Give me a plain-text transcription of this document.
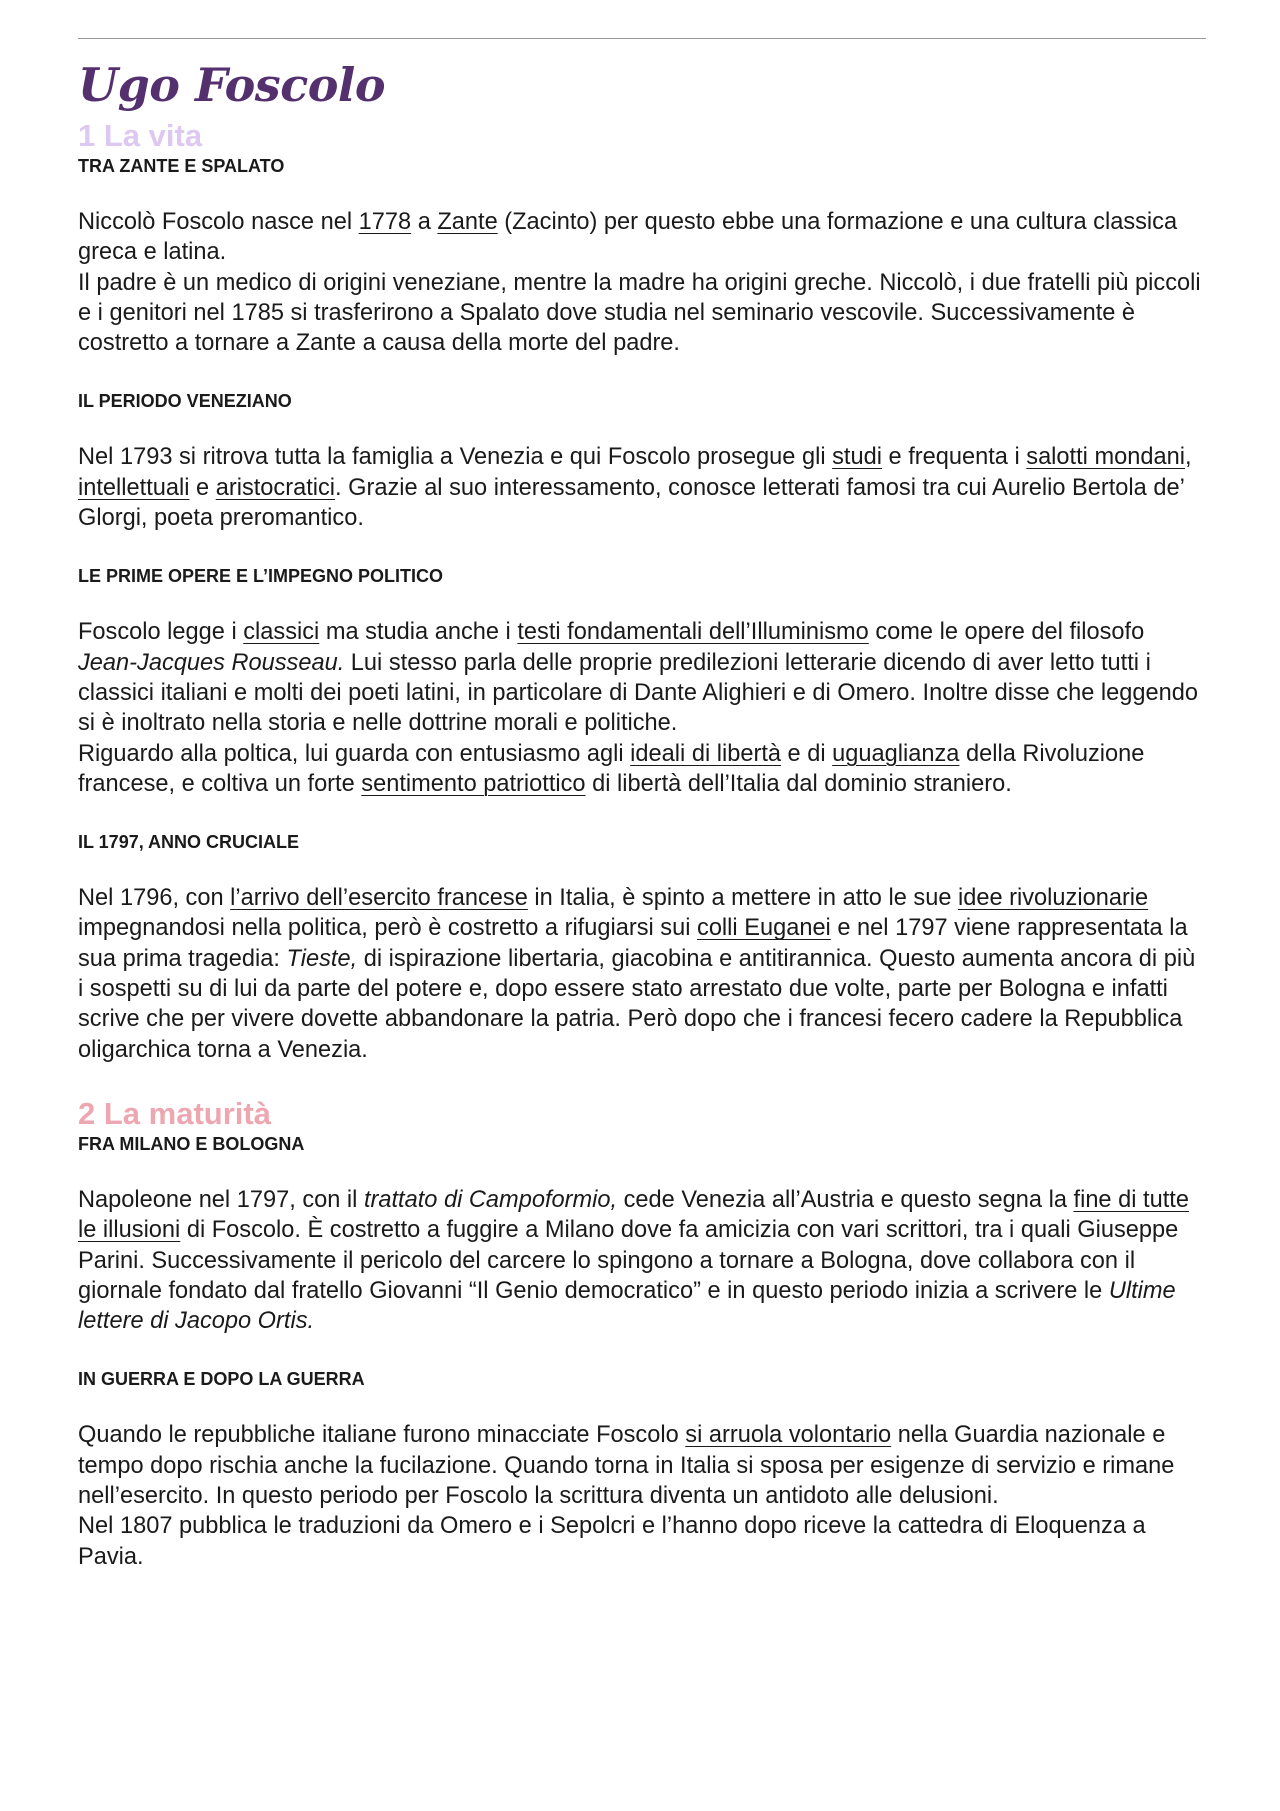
Ugo Foscolo
1 La vita
TRA ZANTE E SPALATO

Niccolò Foscolo nasce nel 1778 a Zante (Zacinto) per questo ebbe una formazione e una cultura classica greca e latina.
Il padre è un medico di origini veneziane, mentre la madre ha origini greche. Niccolò, i due fratelli più piccoli e i genitori nel 1785 si trasferirono a Spalato dove studia nel seminario vescovile. Successivamente è costretto a tornare a Zante a causa della morte del padre.

IL PERIODO VENEZIANO

Nel 1793 si ritrova tutta la famiglia a Venezia e qui Foscolo prosegue gli studi e frequenta i salotti mondani, intellettuali e aristocratici. Grazie al suo interessamento, conosce letterati famosi tra cui Aurelio Bertola de’ Glorgi, poeta preromantico.

LE PRIME OPERE E L’IMPEGNO POLITICO

Foscolo legge i classici ma studia anche i testi fondamentali dell’Illuminismo come le opere del filosofo Jean-Jacques Rousseau. Lui stesso parla delle proprie predilezioni letterarie dicendo di aver letto tutti i classici italiani e molti dei poeti latini, in particolare di Dante Alighieri e di Omero. Inoltre disse che leggendo si è inoltrato nella storia e nelle dottrine morali e politiche.
Riguardo alla poltica, lui guarda con entusiasmo agli ideali di libertà e di uguaglianza della Rivoluzione francese, e coltiva un forte sentimento patriottico di libertà dell’Italia dal dominio straniero.

IL 1797, ANNO CRUCIALE

Nel 1796, con l’arrivo dell’esercito francese in Italia, è spinto a mettere in atto le sue idee rivoluzionarie impegnandosi nella politica, però è costretto a rifugiarsi sui colli Euganei e nel 1797 viene rappresentata la sua prima tragedia: Tieste, di ispirazione libertaria, giacobina e antitirannica. Questo aumenta ancora di più i sospetti su di lui da parte del potere e, dopo essere stato arrestato due volte, parte per Bologna e infatti scrive che per vivere dovette abbandonare la patria. Però dopo che i francesi fecero cadere la Repubblica oligarchica torna a Venezia.

2 La maturità
FRA MILANO E BOLOGNA

Napoleone nel 1797, con il trattato di Campoformio, cede Venezia all’Austria e questo segna la fine di tutte le illusioni di Foscolo. È costretto a fuggire a Milano dove fa amicizia con vari scrittori, tra i quali Giuseppe Parini. Successivamente il pericolo del carcere lo spingono a tornare a Bologna, dove collabora con il giornale fondato dal fratello Giovanni “Il Genio democratico” e in questo periodo inizia a scrivere le Ultime lettere di Jacopo Ortis.

IN GUERRA E DOPO LA GUERRA

Quando le repubbliche italiane furono minacciate Foscolo si arruola volontario nella Guardia nazionale e tempo dopo rischia anche la fucilazione. Quando torna in Italia si sposa per esigenze di servizio e rimane nell’esercito. In questo periodo per Foscolo la scrittura diventa un antidoto alle delusioni.
Nel 1807 pubblica le traduzioni da Omero e i Sepolcri e l’hanno dopo riceve la cattedra di Eloquenza a Pavia.
